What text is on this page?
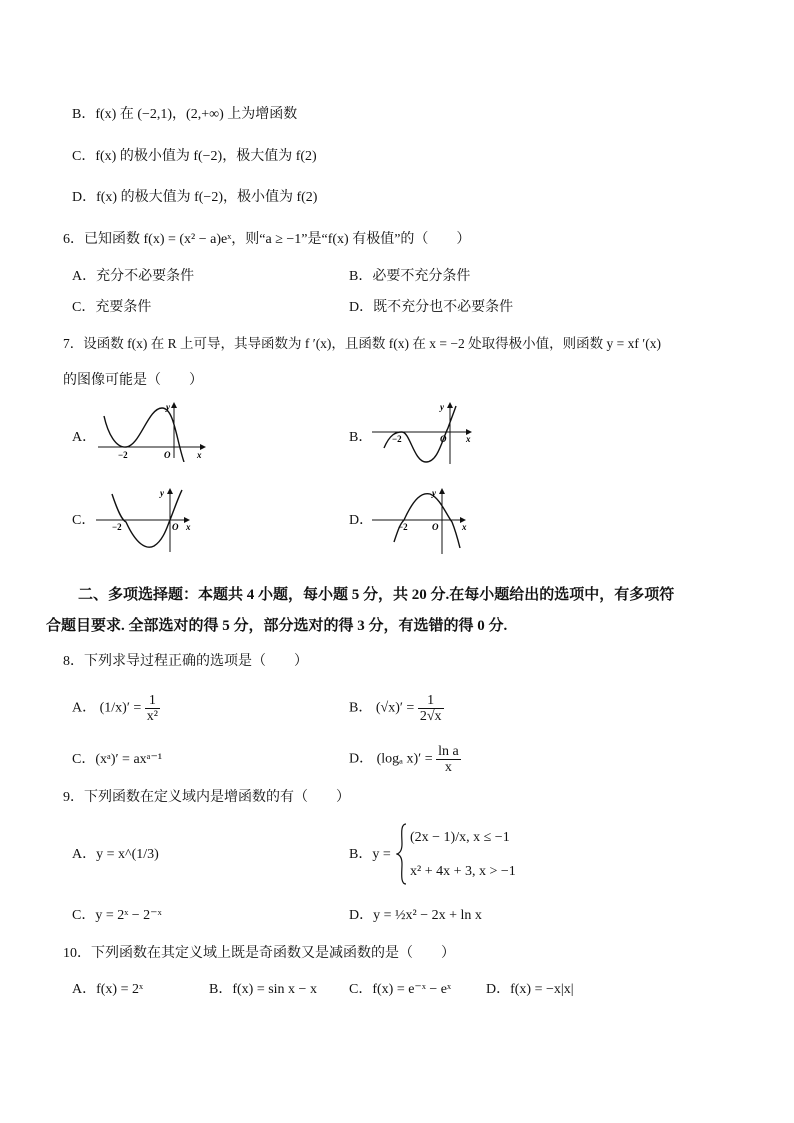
B．f(x) 在 (−2,1)，(2,+∞) 上为增函数
C．f(x) 的极小值为 f(−2)，极大值为 f(2)
D．f(x) 的极大值为 f(−2)，极小值为 f(2)
6．已知函数 f(x) = (x² − a)eˣ，则“a ≥ −1”是“f(x) 有极值”的（　　）
A．充分不必要条件	B．必要不充分条件
C．充要条件	D．既不充分也不必要条件
7．设函数 f(x) 在 R 上可导，其导函数为 f ′(x)，且函数 f(x) 在 x = −2 处取得极小值，则函数 y = xf ′(x)
的图像可能是（　　）
A．	B．
C．	D．
y
x
O
−2
y
x
O
−2
y
x
O
−2
y
x
O
−2
二、多项选择题：本题共 4 小题，每小题 5 分，共 20 分.在每小题给出的选项中，有多项符
合题目要求. 全部选对的得 5 分，部分选对的得 3 分，有选错的得 0 分.
8．下列求导过程正确的选项是（　　）
A． $(1/x)' = \frac{1}{\text{x²}}$	B． $(√x)' = \frac{1}{2√x}$
C．(xᵃ)′ = axᵃ⁻¹	D． (logₐ $x)' = \frac{\text{ln a}}{x}$
9．下列函数在定义域内是增函数的有（　　）
A．y = x^(1/3)	B．y =
(2x − 1)/x, x ≤ −1
x² + 4x + 3, x > −1
C．y = 2ˣ − 2⁻ˣ	D．y = ½x² − 2x + ln x
10．下列函数在其定义域上既是奇函数又是减函数的是（　　）
A．f(x) = 2ˣ	B．f(x) = sin x − x C．f(x) = e⁻ˣ − eˣ D．f(x) = −x|x|
